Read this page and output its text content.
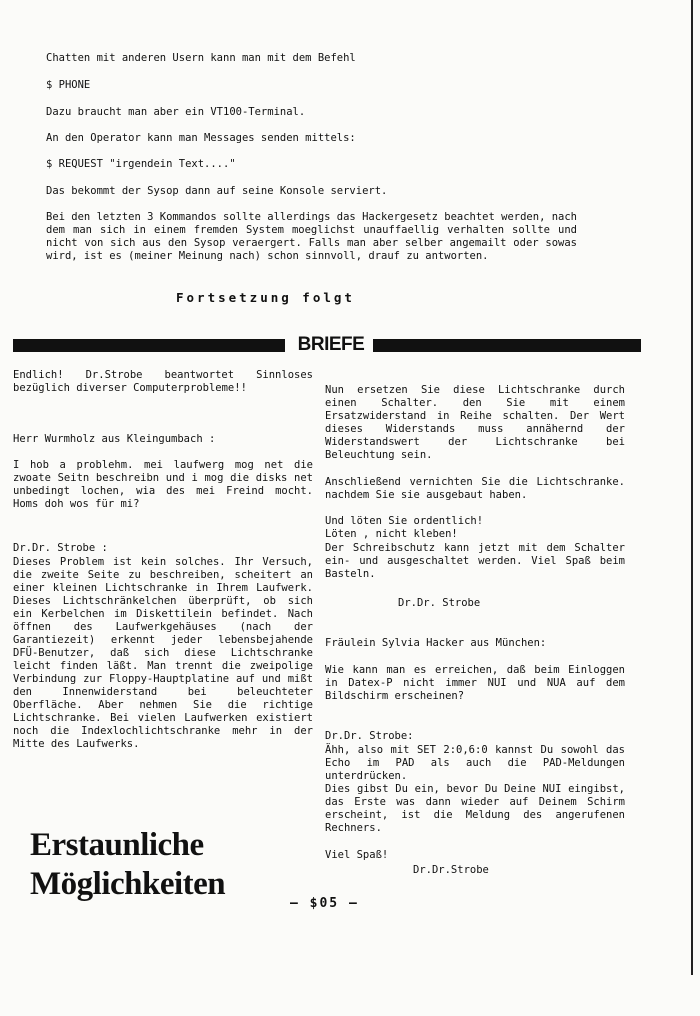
Chatten mit anderen Usern kann man mit dem Befehl

$ PHONE

Dazu braucht man aber ein VT100-Terminal.

An den Operator kann man Messages senden mittels:

$ REQUEST "irgendein Text...."

Das bekommt der Sysop dann auf seine Konsole serviert.

Bei den letzten 3 Kommandos sollte allerdings das Hackergesetz beachtet werden, nach dem man sich in einem fremden System moeglichst unauffaellig verhalten sollte und nicht von sich aus den Sysop veraergert. Falls man aber selber angemailt oder sowas wird, ist es (meiner Meinung nach) schon sinnvoll, drauf zu antworten.

Fortsetzung folgt

BRIEFE

Endlich! Dr.Strobe beantwortet Sinnloses bezüglich diverser Computerprobleme!!

Herr Wurmholz aus Kleingumbach :

I hob a problehm. mei laufwerg mog net die zwoate Seitn beschreibn und i mog die disks net unbedingt lochen, wia des mei Freind mocht. Homs doh wos für mi?

Dr.Dr. Strobe :

Dieses Problem ist kein solches. Ihr Versuch, die zweite Seite zu beschreiben, scheitert an einer kleinen Lichtschranke in Ihrem Laufwerk. Dieses Lichtschränkelchen überprüft, ob sich ein Kerbelchen im Diskettilein befindet. Nach öffnen des Laufwerkgehäuses (nach der Garantiezeit) erkennt jeder lebensbejahende DFÜ-Benutzer, daß sich diese Lichtschranke leicht finden läßt. Man trennt die zweipolige Verbindung zur Floppy-Hauptplatine auf und mißt den Innenwiderstand bei beleuchteter Oberfläche. Aber nehmen Sie die richtige Lichtschranke. Bei vielen Laufwerken existiert noch die Indexlochlichtschranke mehr in der Mitte des Laufwerks.

Erstaunliche
Möglichkeiten

Nun ersetzen Sie diese Lichtschranke durch einen Schalter. den Sie mit einem Ersatzwiderstand in Reihe schalten. Der Wert dieses Widerstands muss annähernd der Widerstandswert der Lichtschranke bei Beleuchtung sein.

Anschließend vernichten Sie die Lichtschranke. nachdem Sie sie ausgebaut haben.

Und löten Sie ordentlich!

Löten , nicht kleben!

Der Schreibschutz kann jetzt mit dem Schalter ein- und ausgeschaltet werden. Viel Spaß beim Basteln.

Dr.Dr. Strobe

Fräulein Sylvia Hacker aus München:

Wie kann man es erreichen, daß beim Einloggen in Datex-P nicht immer NUI und NUA auf dem Bildschirm erscheinen?

Dr.Dr. Strobe:

Ähh, also mit SET 2:0,6:0 kannst Du sowohl das Echo im PAD als auch die PAD-Meldungen unterdrücken.

Dies gibst Du ein, bevor Du Deine NUI eingibst, das Erste was dann wieder auf Deinem Schirm erscheint, ist die Meldung des angerufenen Rechners.

Viel Spaß!

Dr.Dr.Strobe

— $05 —
